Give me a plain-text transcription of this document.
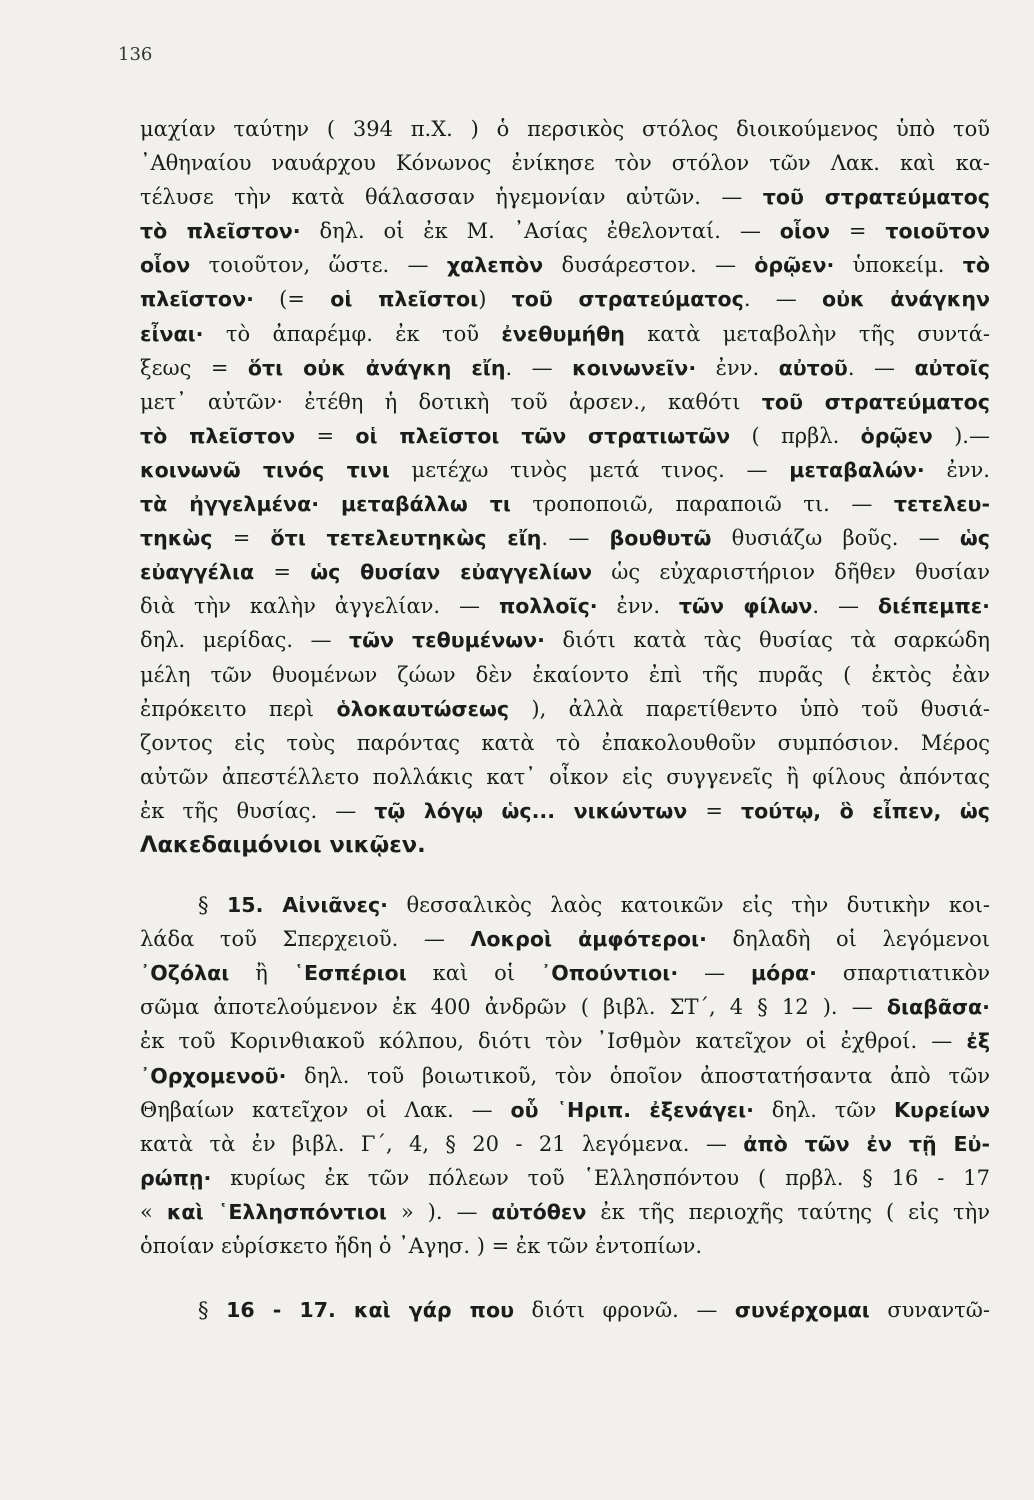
136
μαχίαν ταύτην ( 394 π.Χ. ) ὁ περσικὸς στόλος διοικούμενος ὑπὸ τοῦ
᾽Αθηναίου ναυάρχου Κόνωνος ἐνίκησε τὸν στόλον τῶν Λακ. καὶ κα-
τέλυσε τὴν κατὰ θάλασσαν ἡγεμονίαν αὐτῶν. — τοῦ στρατεύματος
τὸ πλεῖστον· δηλ. οἱ ἐκ Μ. ᾽Ασίας ἐθελονταί. — οἷον = τοιοῦτον
οἷον τοιοῦτον, ὥστε. — χαλεπὸν δυσάρεστον. — ὁρῷεν· ὑποκείμ. τὸ
πλεῖστον· (= οἱ πλεῖστοι) τοῦ στρατεύματος. — οὐκ ἀνάγκην
εἶναι· τὸ ἀπαρέμφ. ἐκ τοῦ ἐνεθυμήθη κατὰ μεταβολὴν τῆς συντά-
ξεως = ὅτι οὐκ ἀνάγκη εἴη. — κοινωνεῖν· ἐνν. αὐτοῦ. — αὐτοῖς
μετ᾽ αὐτῶν· ἐτέθη ἡ δοτικὴ τοῦ ἀρσεν., καθότι τοῦ στρατεύματος
τὸ πλεῖστον = οἱ πλεῖστοι τῶν στρατιωτῶν ( πρβλ. ὁρῷεν ).—
κοινωνῶ τινός τινι μετέχω τινὸς μετά τινος. — μεταβαλών· ἐνν.
τὰ ἠγγελμένα· μεταβάλλω τι τροποποιῶ, παραποιῶ τι. — τετελευ-
τηκὼς = ὅτι τετελευτηκὼς εἴη. — βουθυτῶ θυσιάζω βοῦς. — ὡς
εὐαγγέλια = ὡς θυσίαν εὐαγγελίων ὡς εὐχαριστήριον δῆθεν θυσίαν
διὰ τὴν καλὴν ἀγγελίαν. — πολλοῖς· ἐνν. τῶν φίλων. — διέπεμπε·
δηλ. μερίδας. — τῶν τεθυμένων· διότι κατὰ τὰς θυσίας τὰ σαρκώδη
μέλη τῶν θυομένων ζώων δὲν ἐκαίοντο ἐπὶ τῆς πυρᾶς ( ἐκτὸς ἐὰν
ἐπρόκειτο περὶ ὁλοκαυτώσεως ), ἀλλὰ παρετίθεντο ὑπὸ τοῦ θυσιά-
ζοντος εἰς τοὺς παρόντας κατὰ τὸ ἐπακολουθοῦν συμπόσιον. Μέρος
αὐτῶν ἀπεστέλλετο πολλάκις κατ᾽ οἶκον εἰς συγγενεῖς ἢ φίλους ἀπόντας
ἐκ τῆς θυσίας. — τῷ λόγῳ ὡς... νικώντων = τούτῳ, ὃ εἶπεν, ὡς
Λακεδαιμόνιοι νικῷεν.
§ 15. Αἰνιᾶνες· θεσσαλικὸς λαὸς κατοικῶν εἰς τὴν δυτικὴν κοι-
λάδα τοῦ Σπερχειοῦ. — Λοκροὶ ἀμφότεροι· δηλαδὴ οἱ λεγόμενοι
᾽Οζόλαι ἢ ῾Εσπέριοι καὶ οἱ ᾽Οπούντιοι· — μόρα· σπαρτιατικὸν
σῶμα ἀποτελούμενον ἐκ 400 ἀνδρῶν ( βιβλ. ΣΤ΄, 4 § 12 ). — διαβᾶσα·
ἐκ τοῦ Κορινθιακοῦ κόλπου, διότι τὸν ᾽Ισθμὸν κατεῖχον οἱ ἐχθροί. — ἐξ
᾽Ορχομενοῦ· δηλ. τοῦ βοιωτικοῦ, τὸν ὁποῖον ἀποστατήσαντα ἀπὸ τῶν
Θηβαίων κατεῖχον οἱ Λακ. — οὗ ῾Ηριπ. ἐξενάγει· δηλ. τῶν Κυρείων
κατὰ τὰ ἐν βιβλ. Γ΄, 4, § 20 - 21 λεγόμενα. — ἀπὸ τῶν ἐν τῇ Εὐ-
ρώπῃ· κυρίως ἐκ τῶν πόλεων τοῦ ῾Ελλησπόντου ( πρβλ. § 16 - 17
« καὶ ῾Ελλησπόντιοι » ). — αὐτόθεν ἐκ τῆς περιοχῆς ταύτης ( εἰς τὴν
ὁποίαν εὑρίσκετο ἤδη ὁ ᾽Αγησ. ) = ἐκ τῶν ἐντοπίων.
§ 16 - 17. καὶ γάρ που διότι φρονῶ. — συνέρχομαι συναντῶ-
